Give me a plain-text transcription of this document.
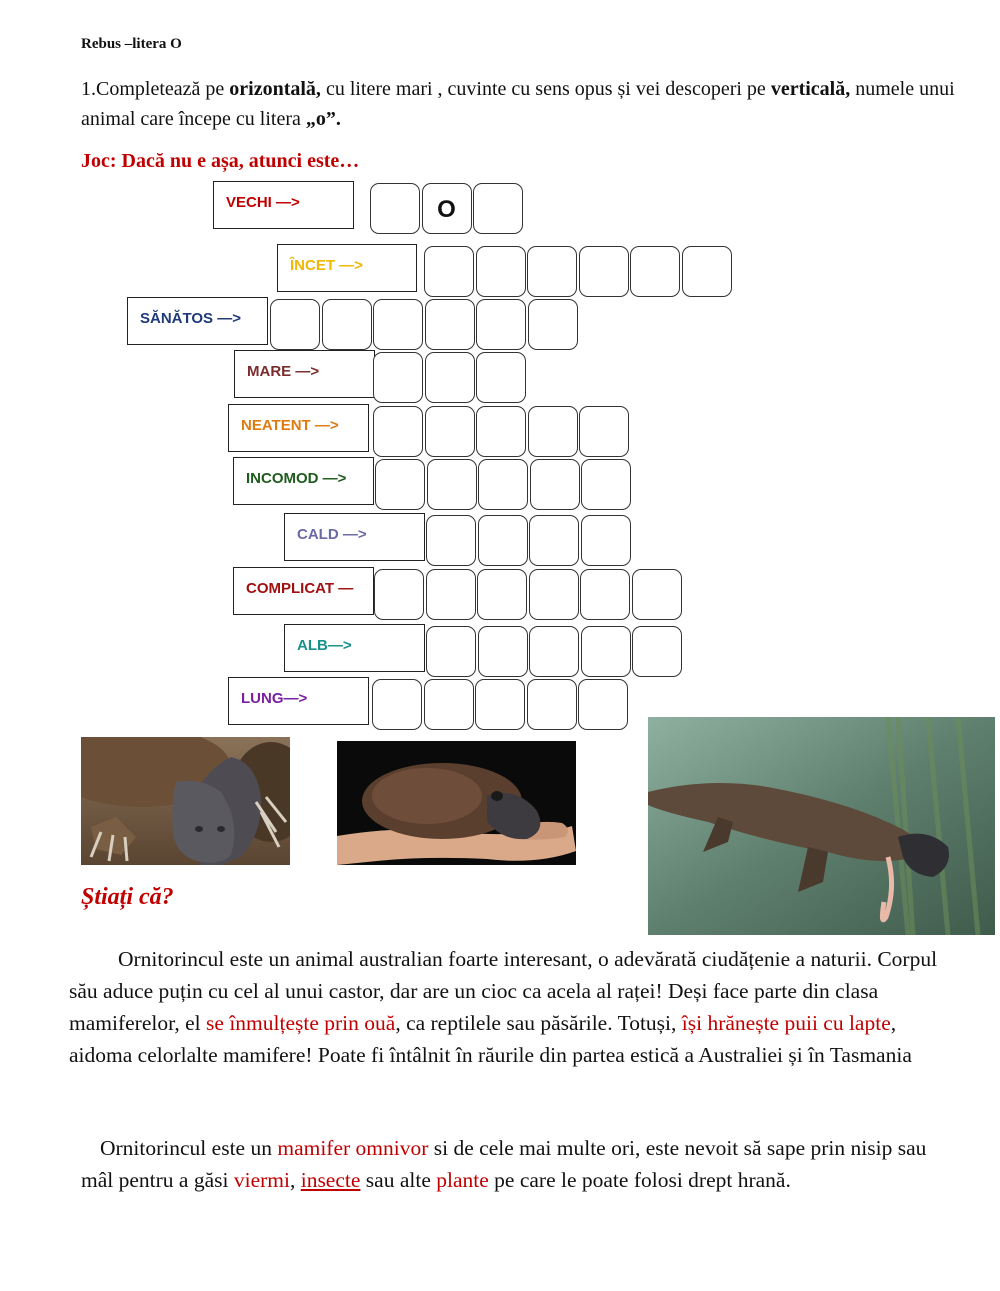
Rebus –litera O
1.Completează pe orizontală, cu litere mari , cuvinte cu sens opus și vei descoperi pe verticală, numele unui animal care începe cu litera „o”.
Joc: Dacă nu e așa, atunci este…
VECHI —>	O
ÎNCET —>
SĂNĂTOS —>
MARE —>
NEATENT —>
INCOMOD —>
CALD —>
COMPLICAT —
ALB—>
LUNG—>
Știați că?
Ornitorincul este un animal australian foarte interesant, o adevărată ciudățenie a naturii. Corpul său aduce puțin cu cel al unui castor, dar are un cioc ca acela al raței! Deși face parte din clasa mamiferelor, el se înmulțește prin ouă, ca reptilele sau păsările. Totuși, își hrănește puii cu lapte, aidoma celorlalte mamifere! Poate fi întâlnit în răurile din partea estică a Australiei și în Tasmania
Ornitorincul este un mamifer omnivor si de cele mai multe ori, este nevoit să sape prin nisip sau mâl pentru a găsi viermi, insecte sau alte plante pe care le poate folosi drept hrană.
